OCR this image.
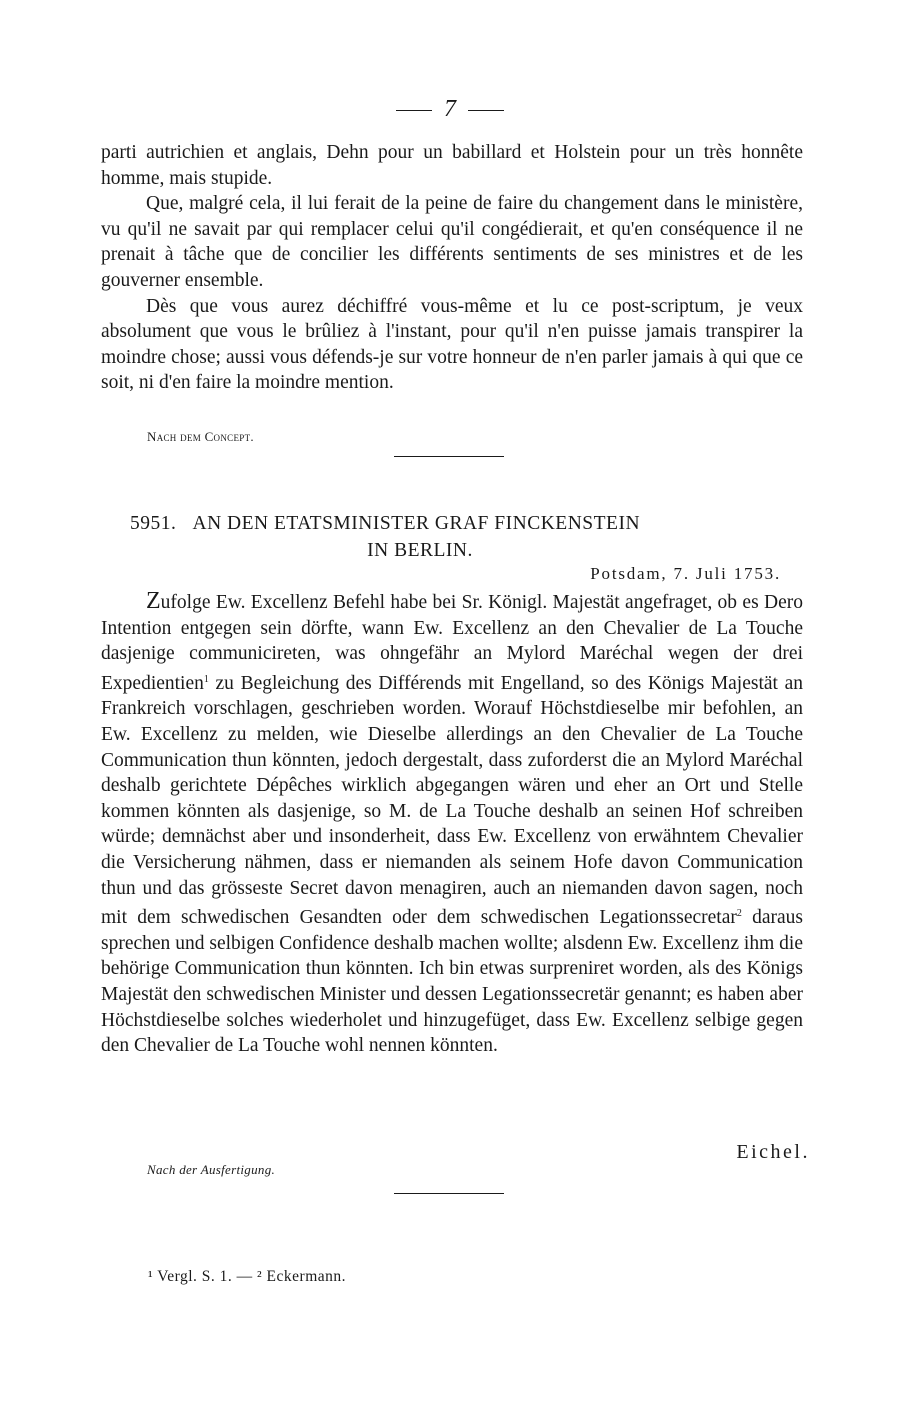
7

parti autrichien et anglais, Dehn pour un babillard et Holstein pour un très honnête homme, mais stupide.

Que, malgré cela, il lui ferait de la peine de faire du changement dans le ministère, vu qu'il ne savait par qui remplacer celui qu'il congédierait, et qu'en conséquence il ne prenait à tâche que de concilier les différents sentiments de ses ministres et de les gouverner ensemble.

Dès que vous aurez déchiffré vous-même et lu ce post-scriptum, je veux absolument que vous le brûliez à l'instant, pour qu'il n'en puisse jamais transpirer la moindre chose; aussi vous défends-je sur votre honneur de n'en parler jamais à qui que ce soit, ni d'en faire la moindre mention.

Nach dem Concept.
5951. AN DEN ETATSMINISTER GRAF FINCKENSTEIN
IN BERLIN.
Potsdam, 7. Juli 1753.

Zufolge Ew. Excellenz Befehl habe bei Sr. Königl. Majestät angefraget, ob es Dero Intention entgegen sein dörfte, wann Ew. Excellenz an den Chevalier de La Touche dasjenige communicireten, was ohngefähr an Mylord Maréchal wegen der drei Expedientien$^1$ zu Begleichung des Différends mit Engelland, so des Königs Majestät an Frankreich vorschlagen, geschrieben worden. Worauf Höchstdieselbe mir befohlen, an Ew. Excellenz zu melden, wie Dieselbe allerdings an den Chevalier de La Touche Communication thun könnten, jedoch dergestalt, dass zuforderst die an Mylord Maréchal deshalb gerichtete Dépêches wirklich abgegangen wären und eher an Ort und Stelle kommen könnten als dasjenige, so M. de La Touche deshalb an seinen Hof schreiben würde; demnächst aber und insonderheit, dass Ew. Excellenz von erwähntem Chevalier die Versicherung nähmen, dass er niemanden als seinem Hofe davon Communication thun und das grösseste Secret davon menagiren, auch an niemanden davon sagen, noch mit dem schwedischen Gesandten oder dem schwedischen Legationssecretar$^2$ daraus sprechen und selbigen Confidence deshalb machen wollte; alsdenn Ew. Excellenz ihm die behörige Communication thun könnten. Ich bin etwas surpreniret worden, als des Königs Majestät den schwedischen Minister und dessen Legationssecretär genannt; es haben aber Höchstdieselbe solches wiederholet und hinzugefüget, dass Ew. Excellenz selbige gegen den Chevalier de La Touche wohl nennen könnten.

Eichel.
Nach der Ausfertigung.
¹ Vergl. S. 1. — ² Eckermann.
